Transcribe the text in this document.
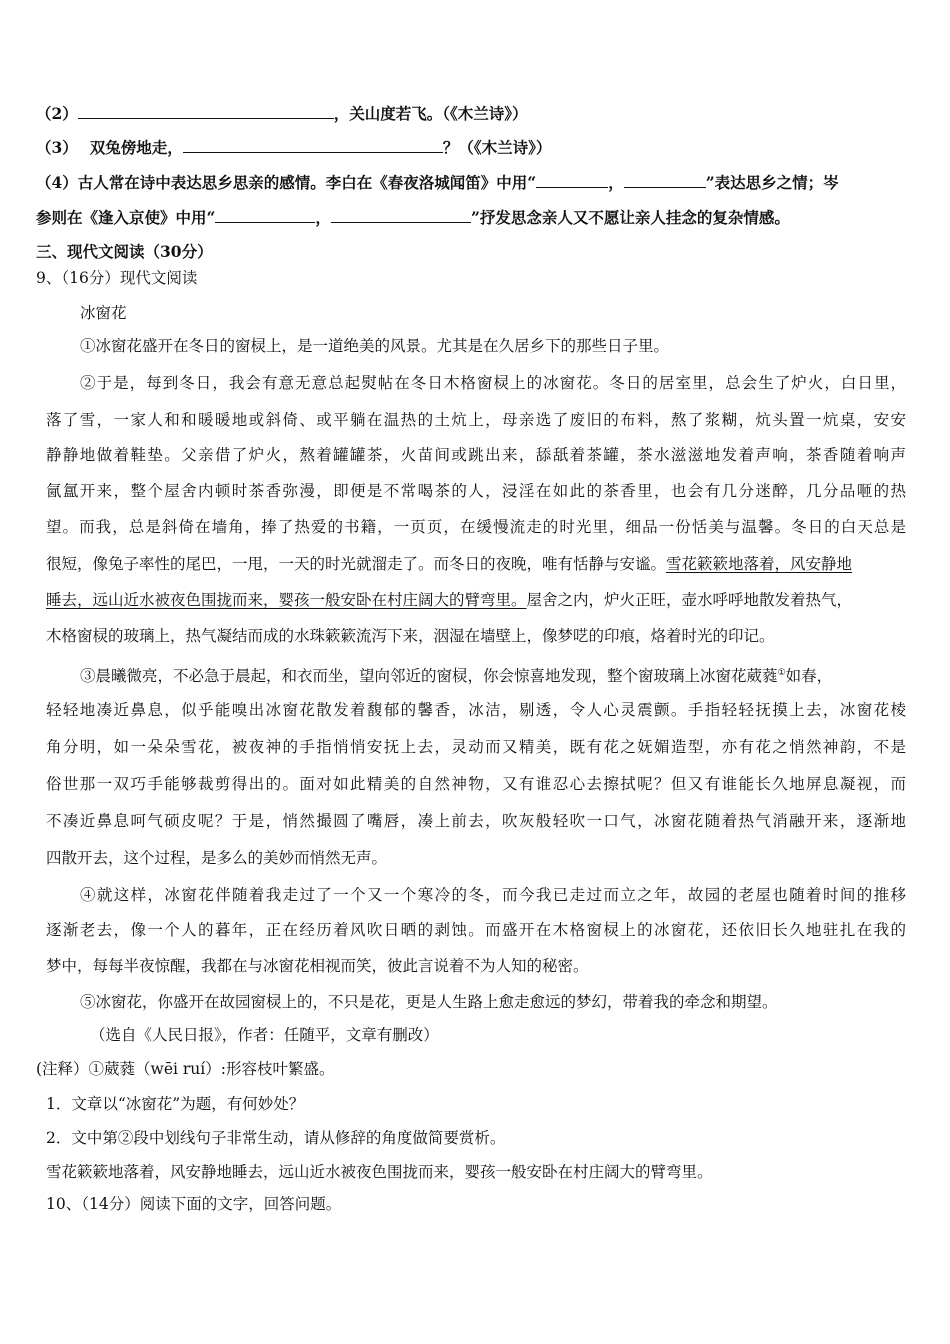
（2）	，关山度若飞。（《木兰诗》）
（3） 双兔傍地走，	？（《木兰诗》）
（4）古人常在诗中表达思乡思亲的感情。李白在《春夜洛城闻笛》中用“	，	”表达思乡之情；岑
参则在《逢入京使》中用“	，	”抒发思念亲人又不愿让亲人挂念的复杂情感。
三、现代文阅读（30分）
9、（16分）现代文阅读
冰窗花
①冰窗花盛开在冬日的窗棂上，是一道绝美的风景。尤其是在久居乡下的那些日子里。
②于是，每到冬日，我会有意无意总起熨帖在冬日木格窗棂上的冰窗花。冬日的居室里，总会生了炉火，白日里，
落了雪，一家人和和暖暖地或斜倚、或平躺在温热的土炕上，母亲选了废旧的布料，熬了浆糊，炕头置一炕桌，安安
静静地做着鞋垫。父亲借了炉火，熬着罐罐茶，火苗间或跳出来，舔舐着茶罐，茶水滋滋地发着声响，茶香随着响声
氤氲开来，整个屋舍内顿时茶香弥漫，即便是不常喝茶的人，浸淫在如此的茶香里，也会有几分迷醉，几分品咂的热
望。而我，总是斜倚在墙角，捧了热爱的书籍，一页页，在缓慢流走的时光里，细品一份恬美与温馨。冬日的白天总是
很短，像兔子率性的尾巴，一甩，一天的时光就溜走了。而冬日的夜晚，唯有恬静与安谧。雪花簌簌地落着，风安静地
睡去，远山近水被夜色围拢而来，婴孩一般安卧在村庄阔大的臂弯里。屋舍之内，炉火正旺，壶水呼呼地散发着热气，
木格窗棂的玻璃上，热气凝结而成的水珠簌簌流泻下来，洇湿在墙壁上，像梦呓的印痕，烙着时光的印记。
③晨曦微亮，不必急于晨起，和衣而坐，望向邻近的窗棂，你会惊喜地发现，整个窗玻璃上冰窗花葳蕤①如春，
轻轻地凑近鼻息，似乎能嗅出冰窗花散发着馥郁的馨香，冰洁，剔透，令人心灵震颤。手指轻轻抚摸上去，冰窗花棱
角分明，如一朵朵雪花，被夜神的手指悄悄安抚上去，灵动而又精美，既有花之妩媚造型，亦有花之悄然神韵，不是
俗世那一双巧手能够裁剪得出的。面对如此精美的自然神物，又有谁忍心去擦拭呢？但又有谁能长久地屏息凝视，而
不凑近鼻息呵气硕皮呢？于是，悄然撮圆了嘴唇，凑上前去，吹灰般轻吹一口气，冰窗花随着热气消融开来，逐渐地
四散开去，这个过程，是多么的美妙而悄然无声。
④就这样，冰窗花伴随着我走过了一个又一个寒冷的冬，而今我已走过而立之年，故园的老屋也随着时间的推移
逐渐老去，像一个人的暮年，正在经历着风吹日晒的剥蚀。而盛开在木格窗棂上的冰窗花，还依旧长久地驻扎在我的
梦中，每每半夜惊醒，我都在与冰窗花相视而笑，彼此言说着不为人知的秘密。
⑤冰窗花，你盛开在故园窗棂上的，不只是花，更是人生路上愈走愈远的梦幻，带着我的牵念和期望。
（选自《人民日报》，作者：任随平，文章有删改）
(注释）①葳蕤（wēi ruí）:形容枝叶繁盛。
1．文章以“冰窗花”为题，有何妙处？
2．文中第②段中划线句子非常生动，请从修辞的角度做简要赏析。
雪花簌簌地落着，风安静地睡去，远山近水被夜色围拢而来，婴孩一般安卧在村庄阔大的臂弯里。
10、（14分）阅读下面的文字，回答问题。
